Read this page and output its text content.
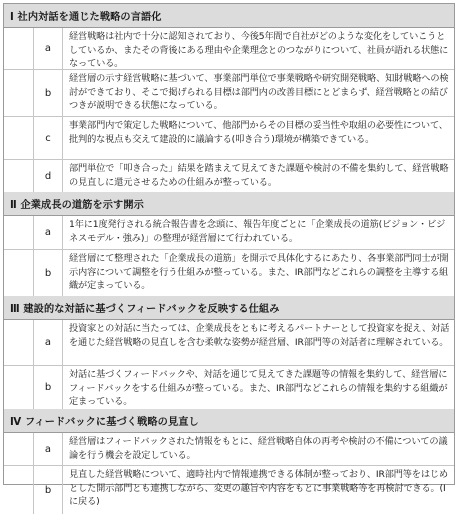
Ⅰ 社内対話を通じた戦略の言語化
a
経営戦略は社内で十分に認知されており、今後5年間で自社がどのような変化をしていこうとしているか、またその背後にある理由や企業理念とのつながりについて、社員が語れる状態になっている。
b
経営層の示す経営戦略に基づいて、事業部門単位で事業戦略や研究開発戦略、知財戦略への検討ができており、そこで掲げられる目標は部門内の改善目標にとどまらず、経営戦略との結びつきが説明できる状態になっている。
c
事業部門内で策定した戦略について、他部門からその目標の妥当性や取組の必要性について、批判的な視点も交えて建設的に議論する(叩き合う)環境が構築できている。
d
部門単位で「叩き合った」結果を踏まえて見えてきた課題や検討の不備を集約して、経営戦略の見直しに還元させるための仕組みが整っている。
Ⅱ 企業成長の道筋を示す開示
a
1年に1度発行される統合報告書を念頭に、報告年度ごとに「企業成長の道筋(ビジョン・ビジネスモデル・強み)」の整理が経営層にて行われている。
b
経営層にて整理された「企業成長の道筋」を開示で具体化するにあたり、各事業部門同士が開示内容について調整を行う仕組みが整っている。また、IR部門などこれらの調整を主導する組織が定まっている。
Ⅲ 建設的な対話に基づくフィードバックを反映する仕組み
a
投資家との対話に当たっては、企業成長をともに考えるパートナーとして投資家を捉え、対話を通じた経営戦略の見直しを含む柔軟な姿勢が経営層、IR部門等の対話者に理解されている。
b
対話に基づくフィードバックや、対話を通じて見えてきた課題等の情報を集約して、経営層にフィードバックをする仕組みが整っている。また、IR部門などこれらの情報を集約する組織が定まっている。
Ⅳ フィードバックに基づく戦略の見直し
a
経営層はフィードバックされた情報をもとに、経営戦略自体の再考や検討の不備についての議論を行う機会を設定している。
b
見直した経営戦略について、適時社内で情報連携できる体制が整っており、IR部門等をはじめとした開示部門とも連携しながら、変更の趣旨や内容をもとに事業戦略等を再検討できる。(Ⅰに戻る)
